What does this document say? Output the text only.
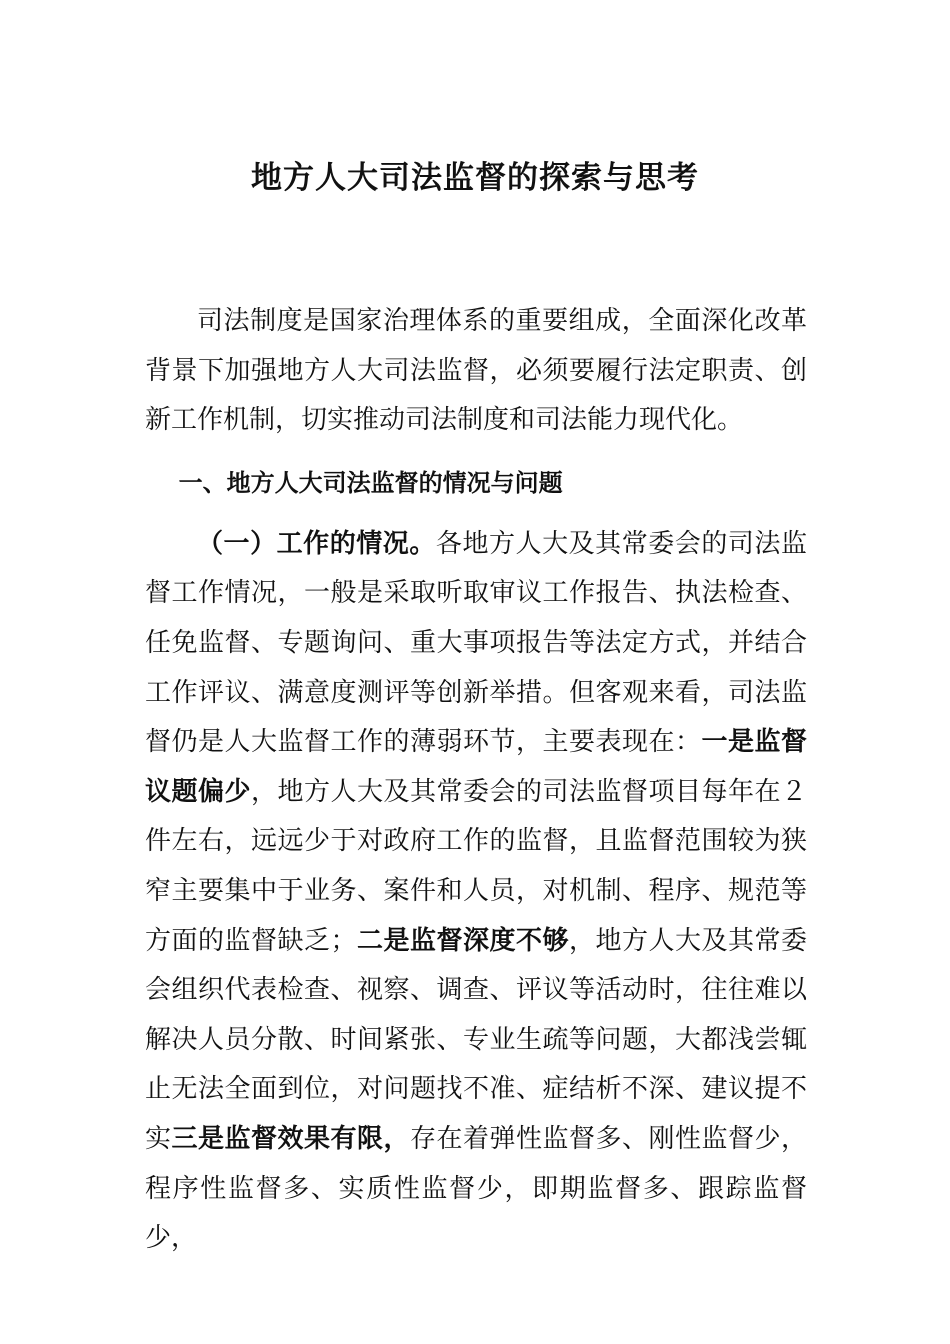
地方人大司法监督的探索与思考

司法制度是国家治理体系的重要组成，全面深化改革背景下加强地方人大司法监督，必须要履行法定职责、创新工作机制，切实推动司法制度和司法能力现代化。

一、地方人大司法监督的情况与问题

（一）工作的情况。各地方人大及其常委会的司法监督工作情况，一般是采取听取审议工作报告、执法检查、任免监督、专题询问、重大事项报告等法定方式，并结合工作评议、满意度测评等创新举措。但客观来看，司法监督仍是人大监督工作的薄弱环节，主要表现在：一是监督议题偏少，地方人大及其常委会的司法监督项目每年在２件左右，远远少于对政府工作的监督，且监督范围较为狭窄主要集中于业务、案件和人员，对机制、程序、规范等方面的监督缺乏；二是监督深度不够，地方人大及其常委会组织代表检查、视察、调查、评议等活动时，往往难以解决人员分散、时间紧张、专业生疏等问题，大都浅尝辄止无法全面到位，对问题找不准、症结析不深、建议提不实三是监督效果有限，存在着弹性监督多、刚性监督少，程序性监督多、实质性监督少，即期监督多、跟踪监督少，
